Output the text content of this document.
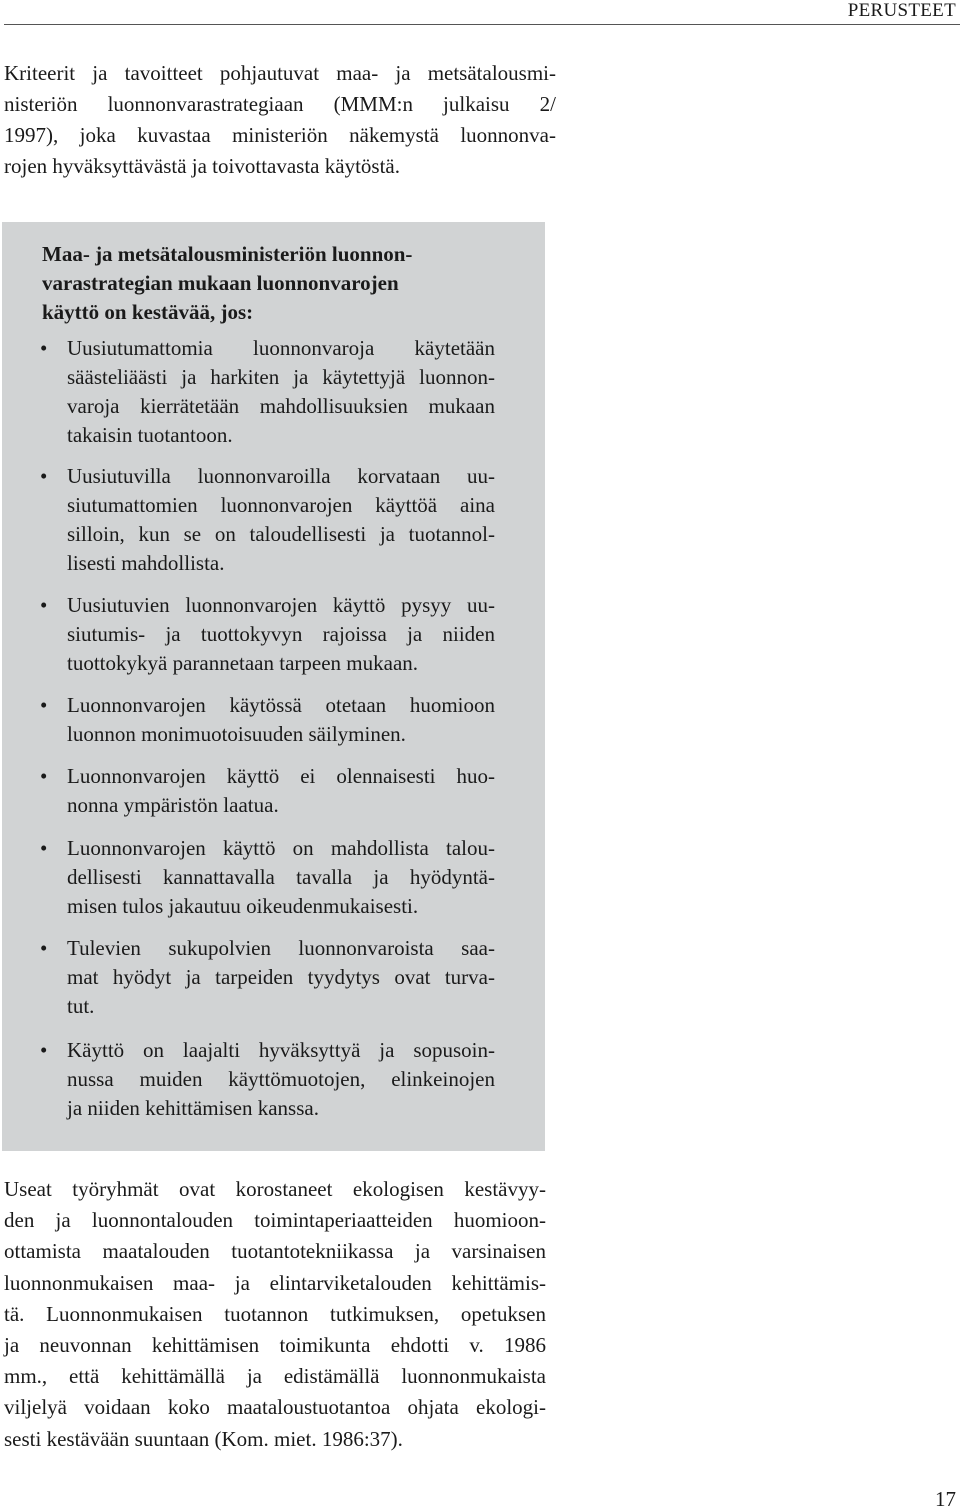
PERUSTEET
Kriteerit ja tavoitteet pohjautuvat maa- ja metsätalousmi-
nisteriön luonnonvarastrategiaan (MMM:n julkaisu 2/
1997), joka kuvastaa ministeriön näkemystä luonnonva-
rojen hyväksyttävästä ja toivottavasta käytöstä.
Maa- ja metsätalousministeriön luonnon-
varastrategian mukaan luonnonvarojen
käyttö on kestävää, jos:
• Uusiutumattomia luonnonvaroja käytetään
säästeliäästi ja harkiten ja käytettyjä luonnon-
varoja kierrätetään mahdollisuuksien mukaan
takaisin tuotantoon.
• Uusiutuvilla luonnonvaroilla korvataan uu-
siutumattomien luonnonvarojen käyttöä aina
silloin, kun se on taloudellisesti ja tuotannol-
lisesti mahdollista.
• Uusiutuvien luonnonvarojen käyttö pysyy uu-
siutumis- ja tuottokyvyn rajoissa ja niiden
tuottokykyä parannetaan tarpeen mukaan.
• Luonnonvarojen käytössä otetaan huomioon
luonnon monimuotoisuuden säilyminen.
• Luonnonvarojen käyttö ei olennaisesti huo-
nonna ympäristön laatua.
• Luonnonvarojen käyttö on mahdollista talou-
dellisesti kannattavalla tavalla ja hyödyntä-
misen tulos jakautuu oikeudenmukaisesti.
• Tulevien sukupolvien luonnonvaroista saa-
mat hyödyt ja tarpeiden tyydytys ovat turva-
tut.
• Käyttö on laajalti hyväksyttyä ja sopusoin-
nussa muiden käyttömuotojen, elinkeinojen
ja niiden kehittämisen kanssa.
Useat työryhmät ovat korostaneet ekologisen kestävyy-
den ja luonnontalouden toimintaperiaatteiden huomioon-
ottamista maatalouden tuotantotekniikassa ja varsinaisen
luonnonmukaisen maa- ja elintarviketalouden kehittämis-
tä. Luonnonmukaisen tuotannon tutkimuksen, opetuksen
ja neuvonnan kehittämisen toimikunta ehdotti v. 1986
mm., että kehittämällä ja edistämällä luonnonmukaista
viljelyä voidaan koko maataloustuotantoa ohjata ekologi-
sesti kestävään suuntaan (Kom. miet. 1986:37).
17
